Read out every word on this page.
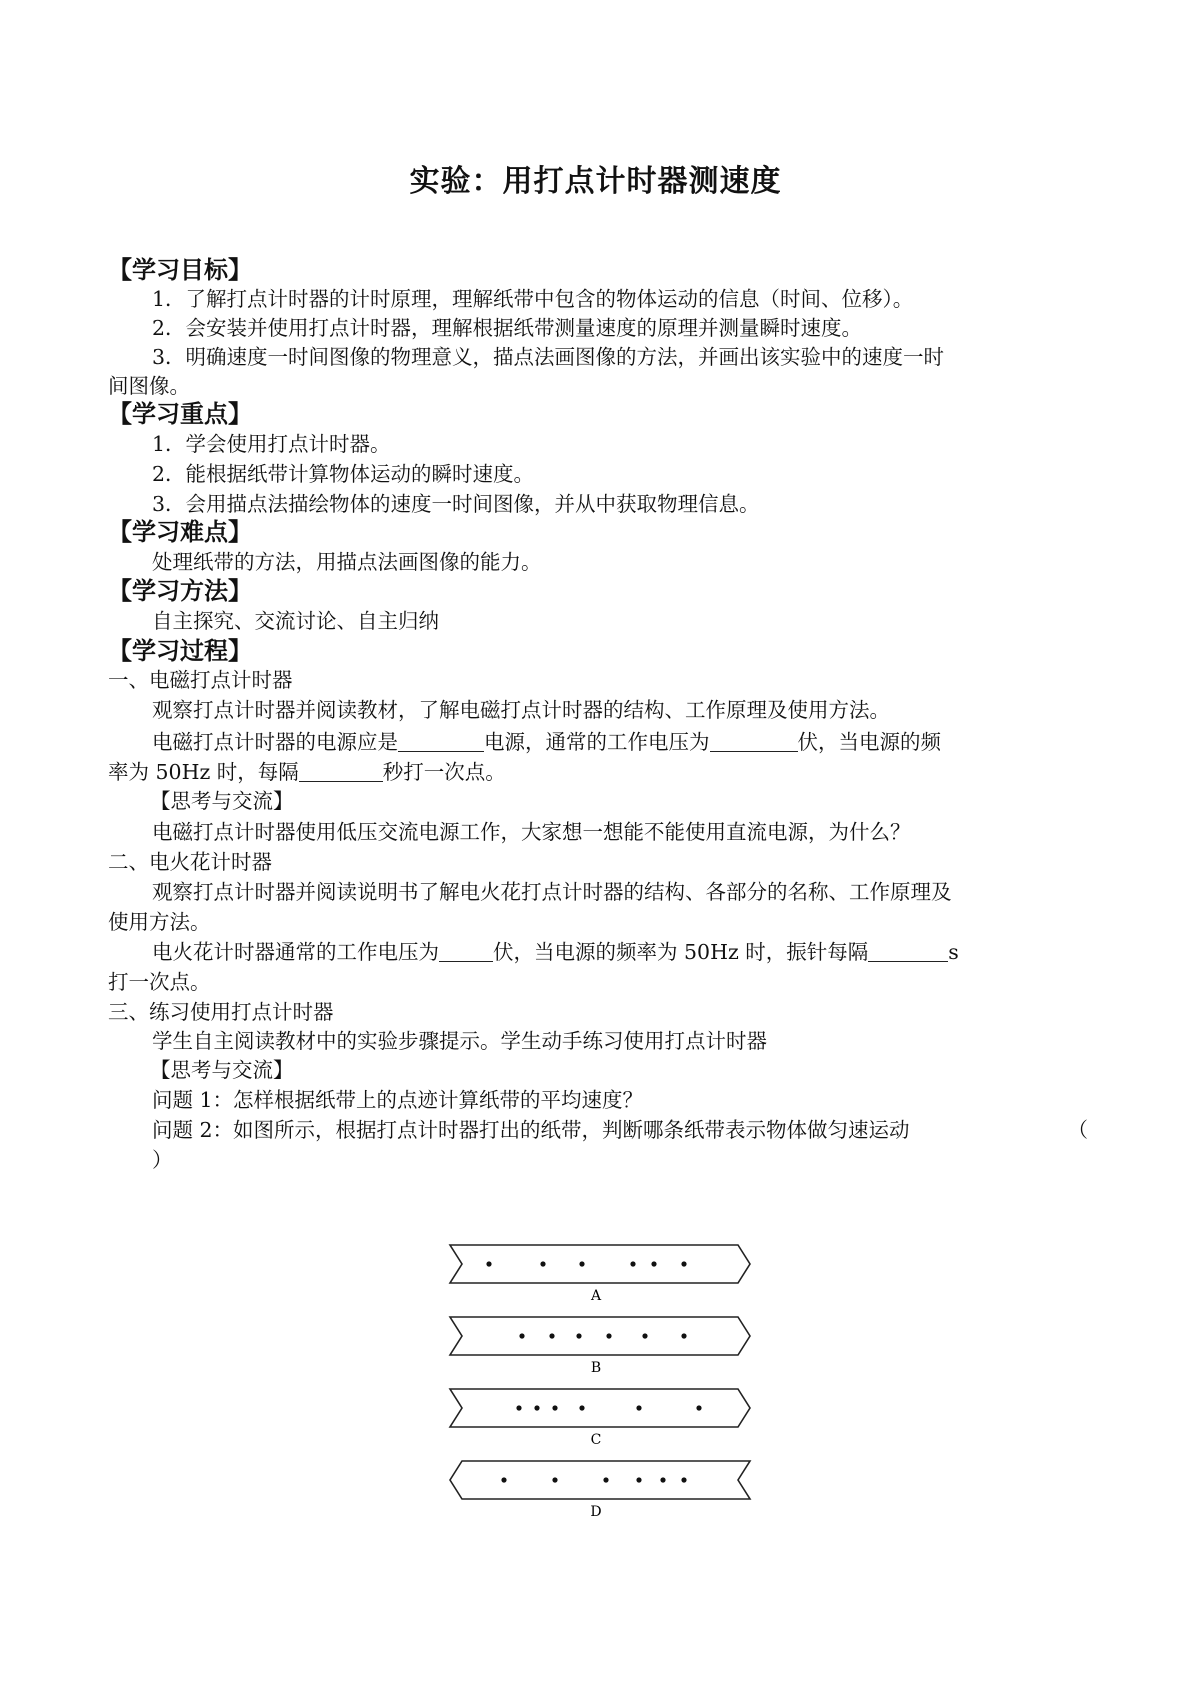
实验：用打点计时器测速度
【学习目标】
1．了解打点计时器的计时原理，理解纸带中包含的物体运动的信息（时间、位移）。
2．会安装并使用打点计时器，理解根据纸带测量速度的原理并测量瞬时速度。
3．明确速度一时间图像的物理意义，描点法画图像的方法，并画出该实验中的速度一时
间图像。
【学习重点】
1．学会使用打点计时器。
2．能根据纸带计算物体运动的瞬时速度。
3．会用描点法描绘物体的速度一时间图像，并从中获取物理信息。
【学习难点】
处理纸带的方法，用描点法画图像的能力。
【学习方法】
自主探究、交流讨论、自主归纳
【学习过程】
一、电磁打点计时器
观察打点计时器并阅读教材，了解电磁打点计时器的结构、工作原理及使用方法。
电磁打点计时器的电源应是	电源，通常的工作电压为	伏，当电源的频
率为 50Hz 时，每隔	秒打一次点。
【思考与交流】
电磁打点计时器使用低压交流电源工作，大家想一想能不能使用直流电源，为什么？
二、电火花计时器
观察打点计时器并阅读说明书了解电火花打点计时器的结构、各部分的名称、工作原理及
使用方法。
电火花计时器通常的工作电压为	伏，当电源的频率为 50Hz 时，振针每隔	s
打一次点。
三、练习使用打点计时器
学生自主阅读教材中的实验步骤提示。学生动手练习使用打点计时器
【思考与交流】
问题 1：怎样根据纸带上的点迹计算纸带的平均速度？
问题 2：如图所示，根据打点计时器打出的纸带，判断哪条纸带表示物体做匀速运动	（
）
A
B
C
D
